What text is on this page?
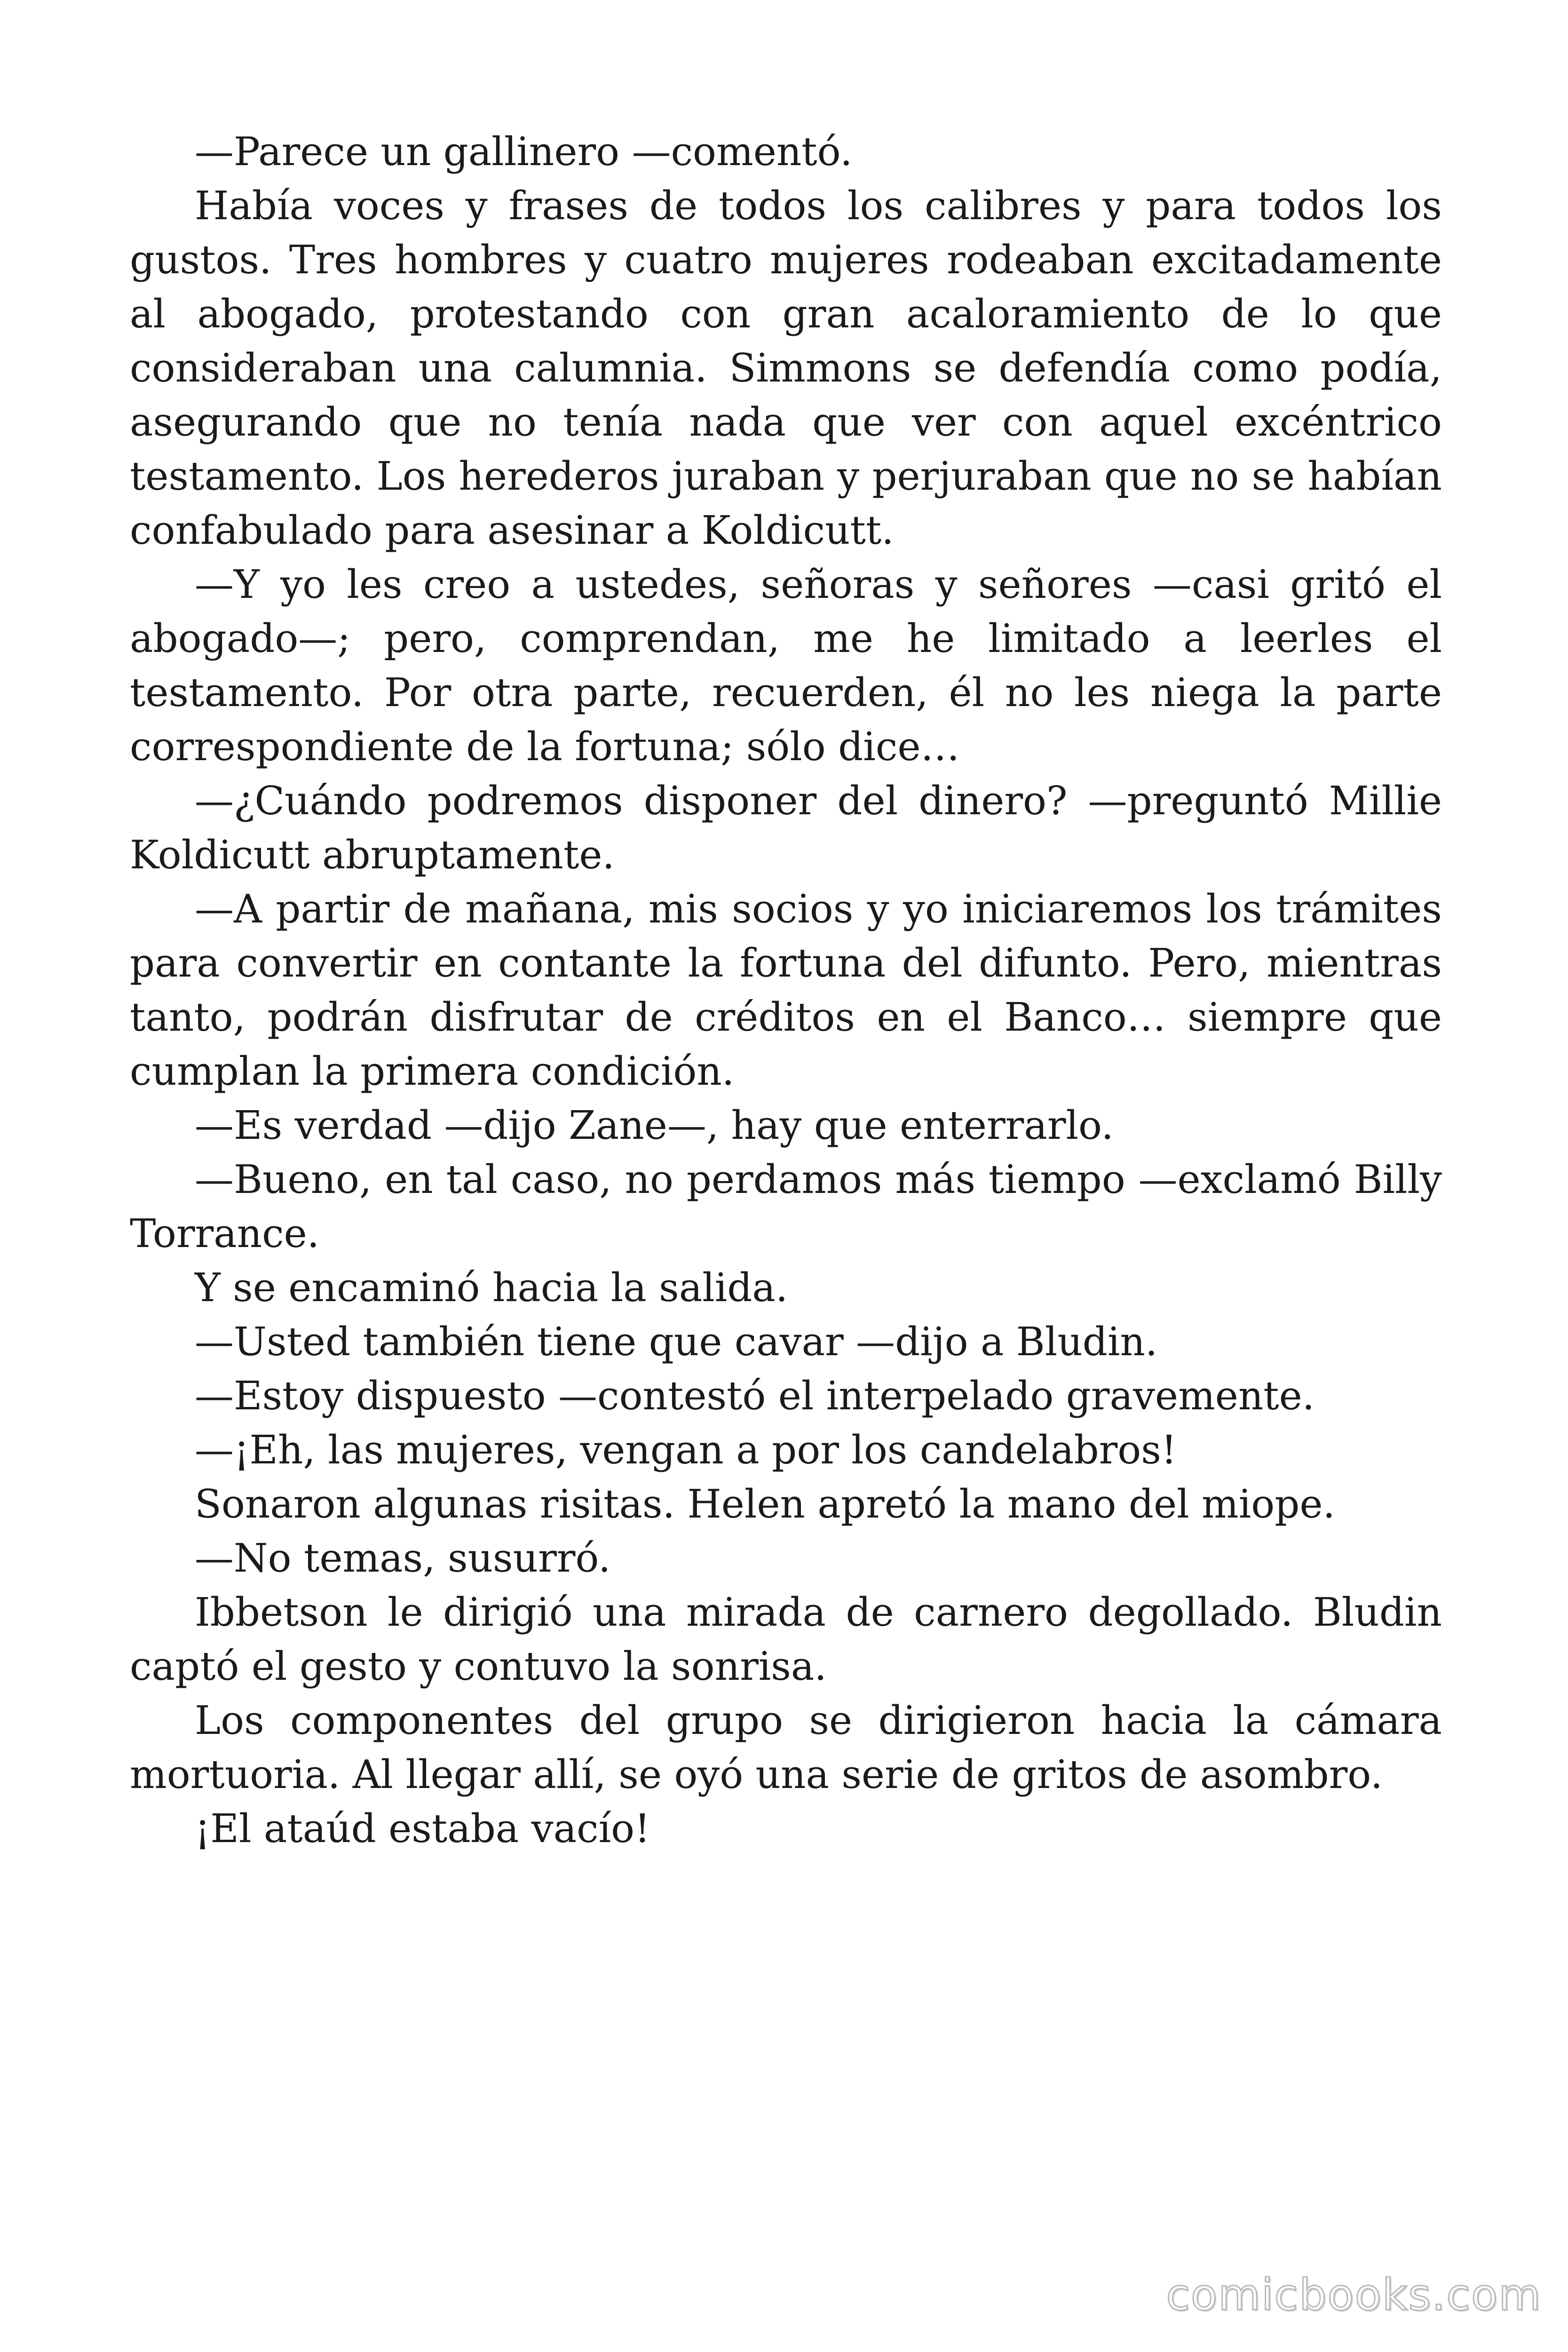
—Parece un gallinero —comentó.

Había voces y frases de todos los calibres y para todos los gustos. Tres hombres y cuatro mujeres rodeaban excitadamente al abogado, protestando con gran acaloramiento de lo que consideraban una calumnia. Simmons se defendía como podía, asegurando que no tenía nada que ver con aquel excéntrico testamento. Los herederos juraban y perjuraban que no se habían confabulado para asesinar a Koldicutt.

—Y yo les creo a ustedes, señoras y señores —casi gritó el abogado—; pero, comprendan, me he limitado a leerles el testamento. Por otra parte, recuerden, él no les niega la parte correspondiente de la fortuna; sólo dice…

—¿Cuándo podremos disponer del dinero? —preguntó Millie Koldicutt abruptamente.

—A partir de mañana, mis socios y yo iniciaremos los trámites para convertir en contante la fortuna del difunto. Pero, mientras tanto, podrán disfrutar de créditos en el Banco… siempre que cumplan la primera condición.

—Es verdad —dijo Zane—, hay que enterrarlo.

—Bueno, en tal caso, no perdamos más tiempo —exclamó Billy Torrance.

Y se encaminó hacia la salida.

—Usted también tiene que cavar —dijo a Bludin.

—Estoy dispuesto —contestó el interpelado gravemente.

—¡Eh, las mujeres, vengan a por los candelabros!

Sonaron algunas risitas. Helen apretó la mano del miope.

—No temas, susurró.

Ibbetson le dirigió una mirada de carnero degollado. Bludin captó el gesto y contuvo la sonrisa.

Los componentes del grupo se dirigieron hacia la cámara mortuoria. Al llegar allí, se oyó una serie de gritos de asombro.

¡El ataúd estaba vacío!

comicbooks.com
